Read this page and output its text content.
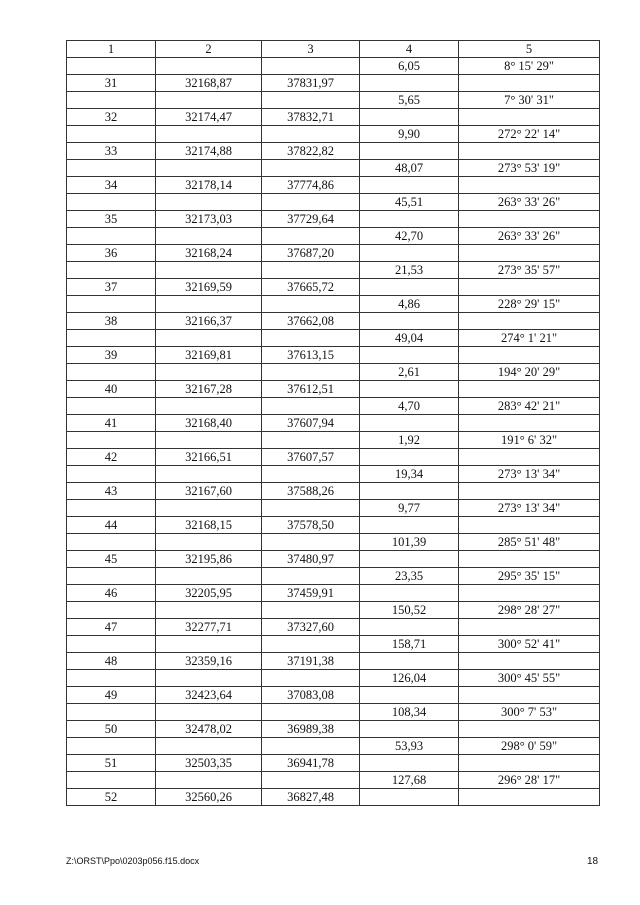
1	2	3	4	5
			6,05	8° 15' 29"
31	32168,87	37831,97		
			5,65	7° 30' 31"
32	32174,47	37832,71		
			9,90	272° 22' 14"
33	32174,88	37822,82		
			48,07	273° 53' 19"
34	32178,14	37774,86		
			45,51	263° 33' 26"
35	32173,03	37729,64		
			42,70	263° 33' 26"
36	32168,24	37687,20		
			21,53	273° 35' 57"
37	32169,59	37665,72		
			4,86	228° 29' 15"
38	32166,37	37662,08		
			49,04	274° 1' 21"
39	32169,81	37613,15		
			2,61	194° 20' 29"
40	32167,28	37612,51		
			4,70	283° 42' 21"
41	32168,40	37607,94		
			1,92	191° 6' 32"
42	32166,51	37607,57		
			19,34	273° 13' 34"
43	32167,60	37588,26		
			9,77	273° 13' 34"
44	32168,15	37578,50		
			101,39	285° 51' 48"
45	32195,86	37480,97		
			23,35	295° 35' 15"
46	32205,95	37459,91		
			150,52	298° 28' 27"
47	32277,71	37327,60		
			158,71	300° 52' 41"
48	32359,16	37191,38		
			126,04	300° 45' 55"
49	32423,64	37083,08		
			108,34	300° 7' 53"
50	32478,02	36989,38		
			53,93	298° 0' 59"
51	32503,35	36941,78		
			127,68	296° 28' 17"
52	32560,26	36827,48		
Z:\ORST\Ppo\0203p056.f15.docx	18
